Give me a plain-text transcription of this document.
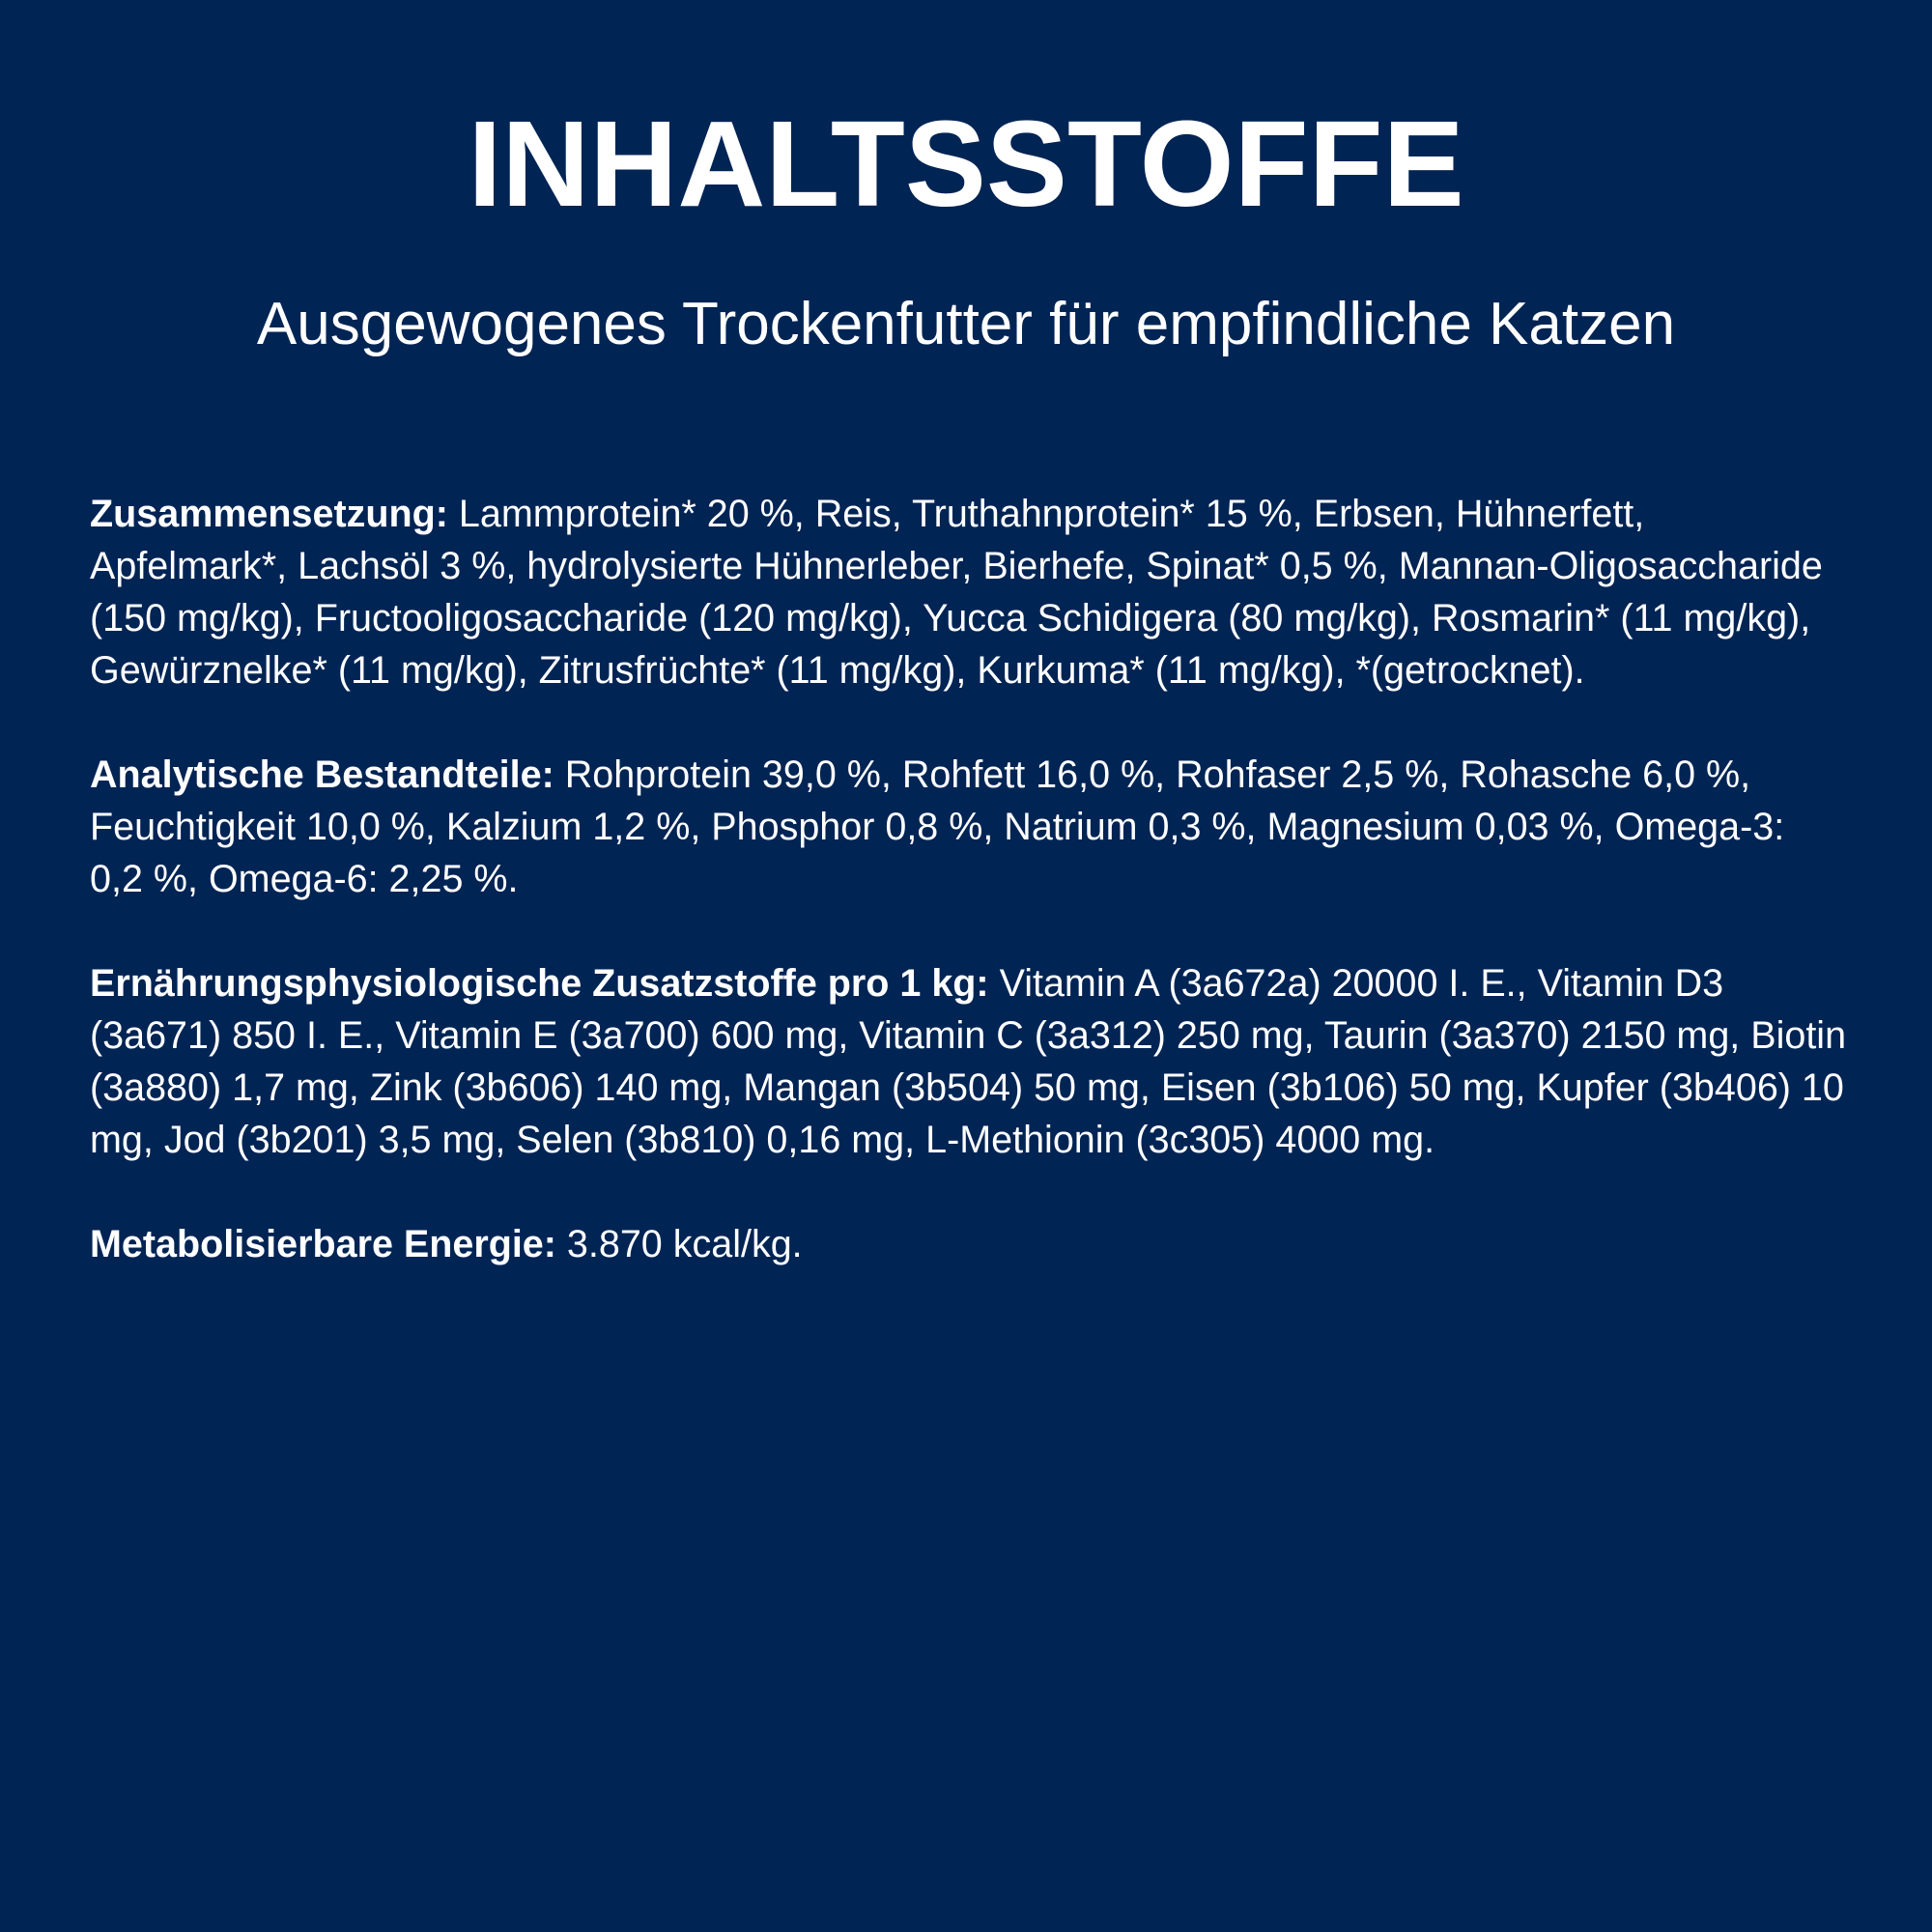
INHALTSSTOFFE
Ausgewogenes Trockenfutter für empfindliche Katzen

Zusammensetzung: Lammprotein* 20 %, Reis, Truthahnprotein* 15 %, Erbsen, Hühnerfett, Apfelmark*, Lachsöl 3 %, hydrolysierte Hühnerleber, Bierhefe, Spinat* 0,5 %, Mannan-Oligosaccharide (150 mg/kg), Fructooligosaccharide (120 mg/kg), Yucca Schidigera (80 mg/kg), Rosmarin* (11 mg/kg), Gewürznelke* (11 mg/kg), Zitrusfrüchte* (11 mg/kg), Kurkuma* (11 mg/kg), *(getrocknet).

Analytische Bestandteile: Rohprotein 39,0 %, Rohfett 16,0 %, Rohfaser 2,5 %, Rohasche 6,0 %, Feuchtigkeit 10,0 %, Kalzium 1,2 %, Phosphor 0,8 %, Natrium 0,3 %, Magnesium 0,03 %, Omega-3: 0,2 %, Omega-6: 2,25 %.

Ernährungsphysiologische Zusatzstoffe pro 1 kg: Vitamin A (3a672a) 20000 I. E., Vitamin D3 (3a671) 850 I. E., Vitamin E (3a700) 600 mg, Vitamin C (3a312) 250 mg, Taurin (3a370) 2150 mg, Biotin (3a880) 1,7 mg, Zink (3b606) 140 mg, Mangan (3b504) 50 mg, Eisen (3b106) 50 mg, Kupfer (3b406) 10 mg, Jod (3b201) 3,5 mg, Selen (3b810) 0,16 mg, L-Methionin (3c305) 4000 mg.

Metabolisierbare Energie: 3.870 kcal/kg.
